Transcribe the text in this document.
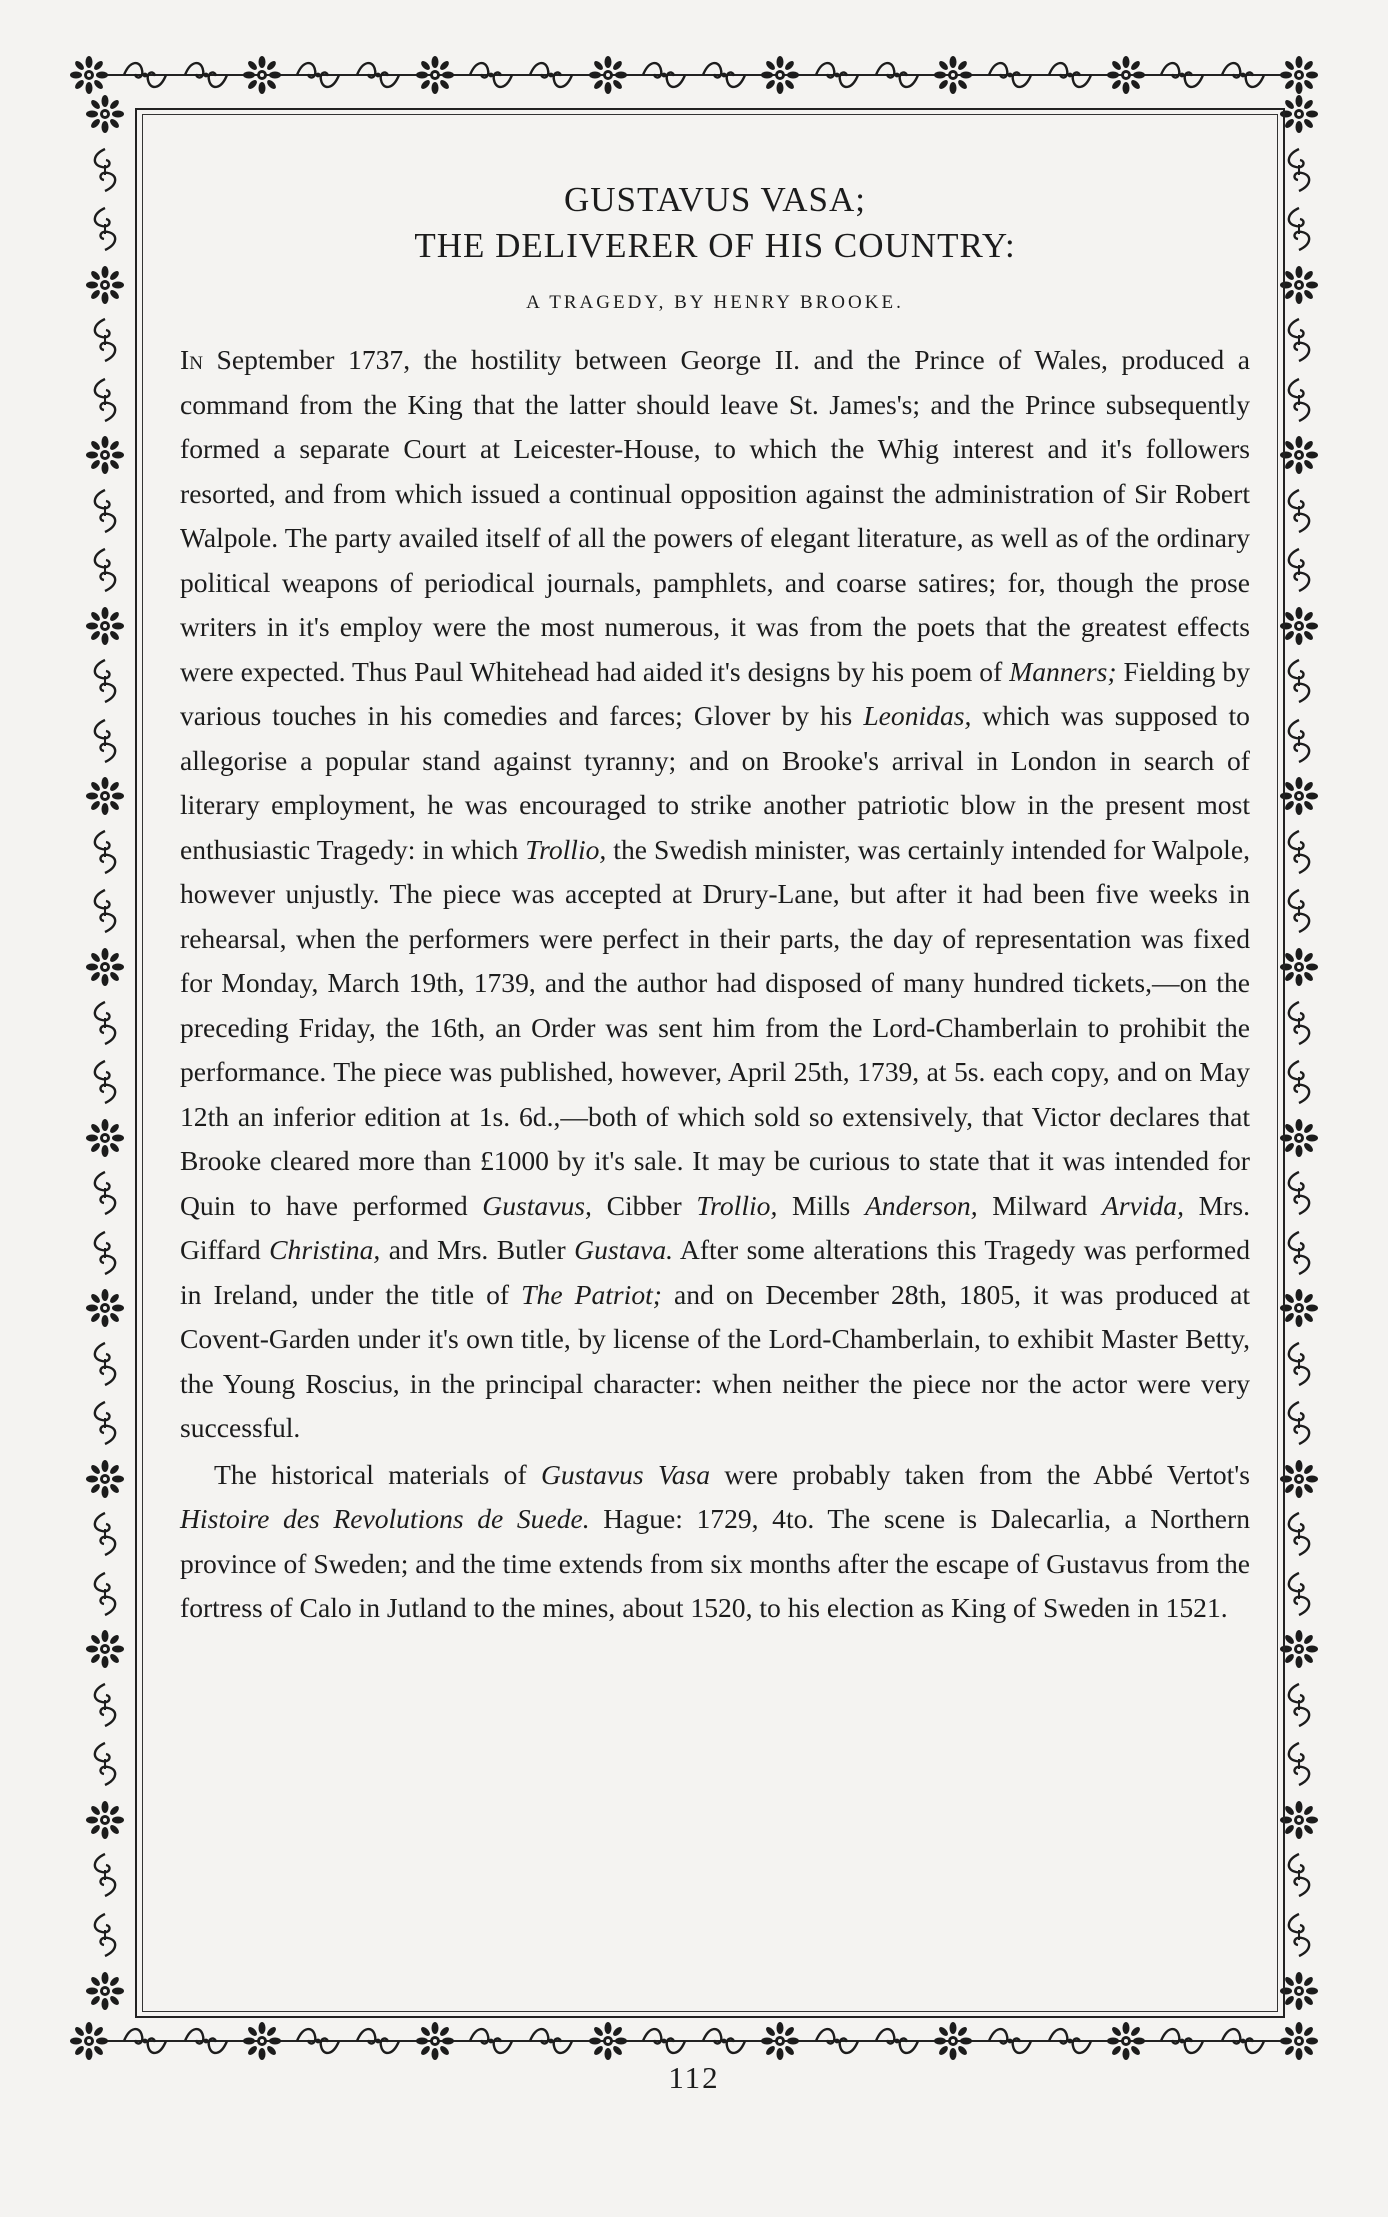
GUSTAVUS VASA;
THE DELIVERER OF HIS COUNTRY:
A TRAGEDY, BY HENRY BROOKE.

In September 1737, the hostility between George II. and the Prince of Wales, produced a command from the King that the latter should leave St. James's; and the Prince subsequently formed a separate Court at Leicester-House, to which the Whig interest and it's followers resorted, and from which issued a continual opposition against the administration of Sir Robert Walpole. The party availed itself of all the powers of elegant literature, as well as of the ordinary political weapons of periodical journals, pamphlets, and coarse satires; for, though the prose writers in it's employ were the most numerous, it was from the poets that the greatest effects were expected. Thus Paul Whitehead had aided it's designs by his poem of Manners; Fielding by various touches in his comedies and farces; Glover by his Leonidas, which was supposed to allegorise a popular stand against tyranny; and on Brooke's arrival in London in search of literary employment, he was encouraged to strike another patriotic blow in the present most enthusiastic Tragedy: in which Trollio, the Swedish minister, was certainly intended for Walpole, however unjustly. The piece was accepted at Drury-Lane, but after it had been five weeks in rehearsal, when the performers were perfect in their parts, the day of representation was fixed for Monday, March 19th, 1739, and the author had disposed of many hundred tickets,—on the preceding Friday, the 16th, an Order was sent him from the Lord-Chamberlain to prohibit the performance. The piece was published, however, April 25th, 1739, at 5s. each copy, and on May 12th an inferior edition at 1s. 6d.,—both of which sold so extensively, that Victor declares that Brooke cleared more than £1000 by it's sale. It may be curious to state that it was intended for Quin to have performed Gustavus, Cibber Trollio, Mills Anderson, Milward Arvida, Mrs. Giffard Christina, and Mrs. Butler Gustava. After some alterations this Tragedy was performed in Ireland, under the title of The Patriot; and on December 28th, 1805, it was produced at Covent-Garden under it's own title, by license of the Lord-Chamberlain, to exhibit Master Betty, the Young Roscius, in the principal character: when neither the piece nor the actor were very successful.

The historical materials of Gustavus Vasa were probably taken from the Abbé Vertot's Histoire des Revolutions de Suede. Hague: 1729, 4to. The scene is Dalecarlia, a Northern province of Sweden; and the time extends from six months after the escape of Gustavus from the fortress of Calo in Jutland to the mines, about 1520, to his election as King of Sweden in 1521.

112
